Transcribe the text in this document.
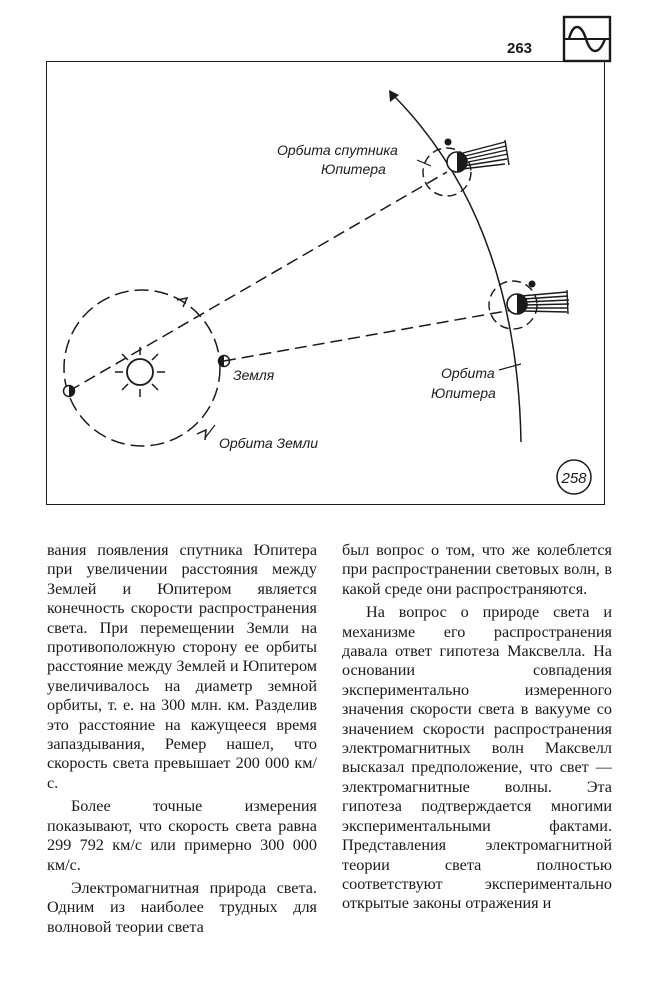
263
Орбита спутника
Юпитера
Орбита
Юпитера
Земля
Орбита Земли
258

вания появления спутника Юпитера при увеличении расстояния между Землей и Юпитером является конечность скорости распространения света. При перемещении Земли на противоположную сторону ее орбиты расстояние между Землей и Юпитером увеличивалось на диаметр земной орбиты, т. е. на 300 млн. км. Разделив это расстояние на кажущееся время запаздывания, Ремер нашел, что скорость света превышает 200 000 км/с.

Более точные измерения показывают, что скорость света равна 299 792 км/с или примерно 300 000 км/с.

Электромагнитная природа света. Одним из наиболее трудных для волновой теории света

был вопрос о том, что же колеблется при распространении световых волн, в какой среде они распространяются.

На вопрос о природе света и механизме его распространения давала ответ гипотеза Максвелла. На основании совпадения экспериментально измеренного значения скорости света в вакууме со значением скорости распространения электромагнитных волн Максвелл высказал предположение, что свет — электромагнитные волны. Эта гипотеза подтверждается многими экспериментальными фактами. Представления электромагнитной теории света полностью соответствуют экспериментально открытые законы отражения и
